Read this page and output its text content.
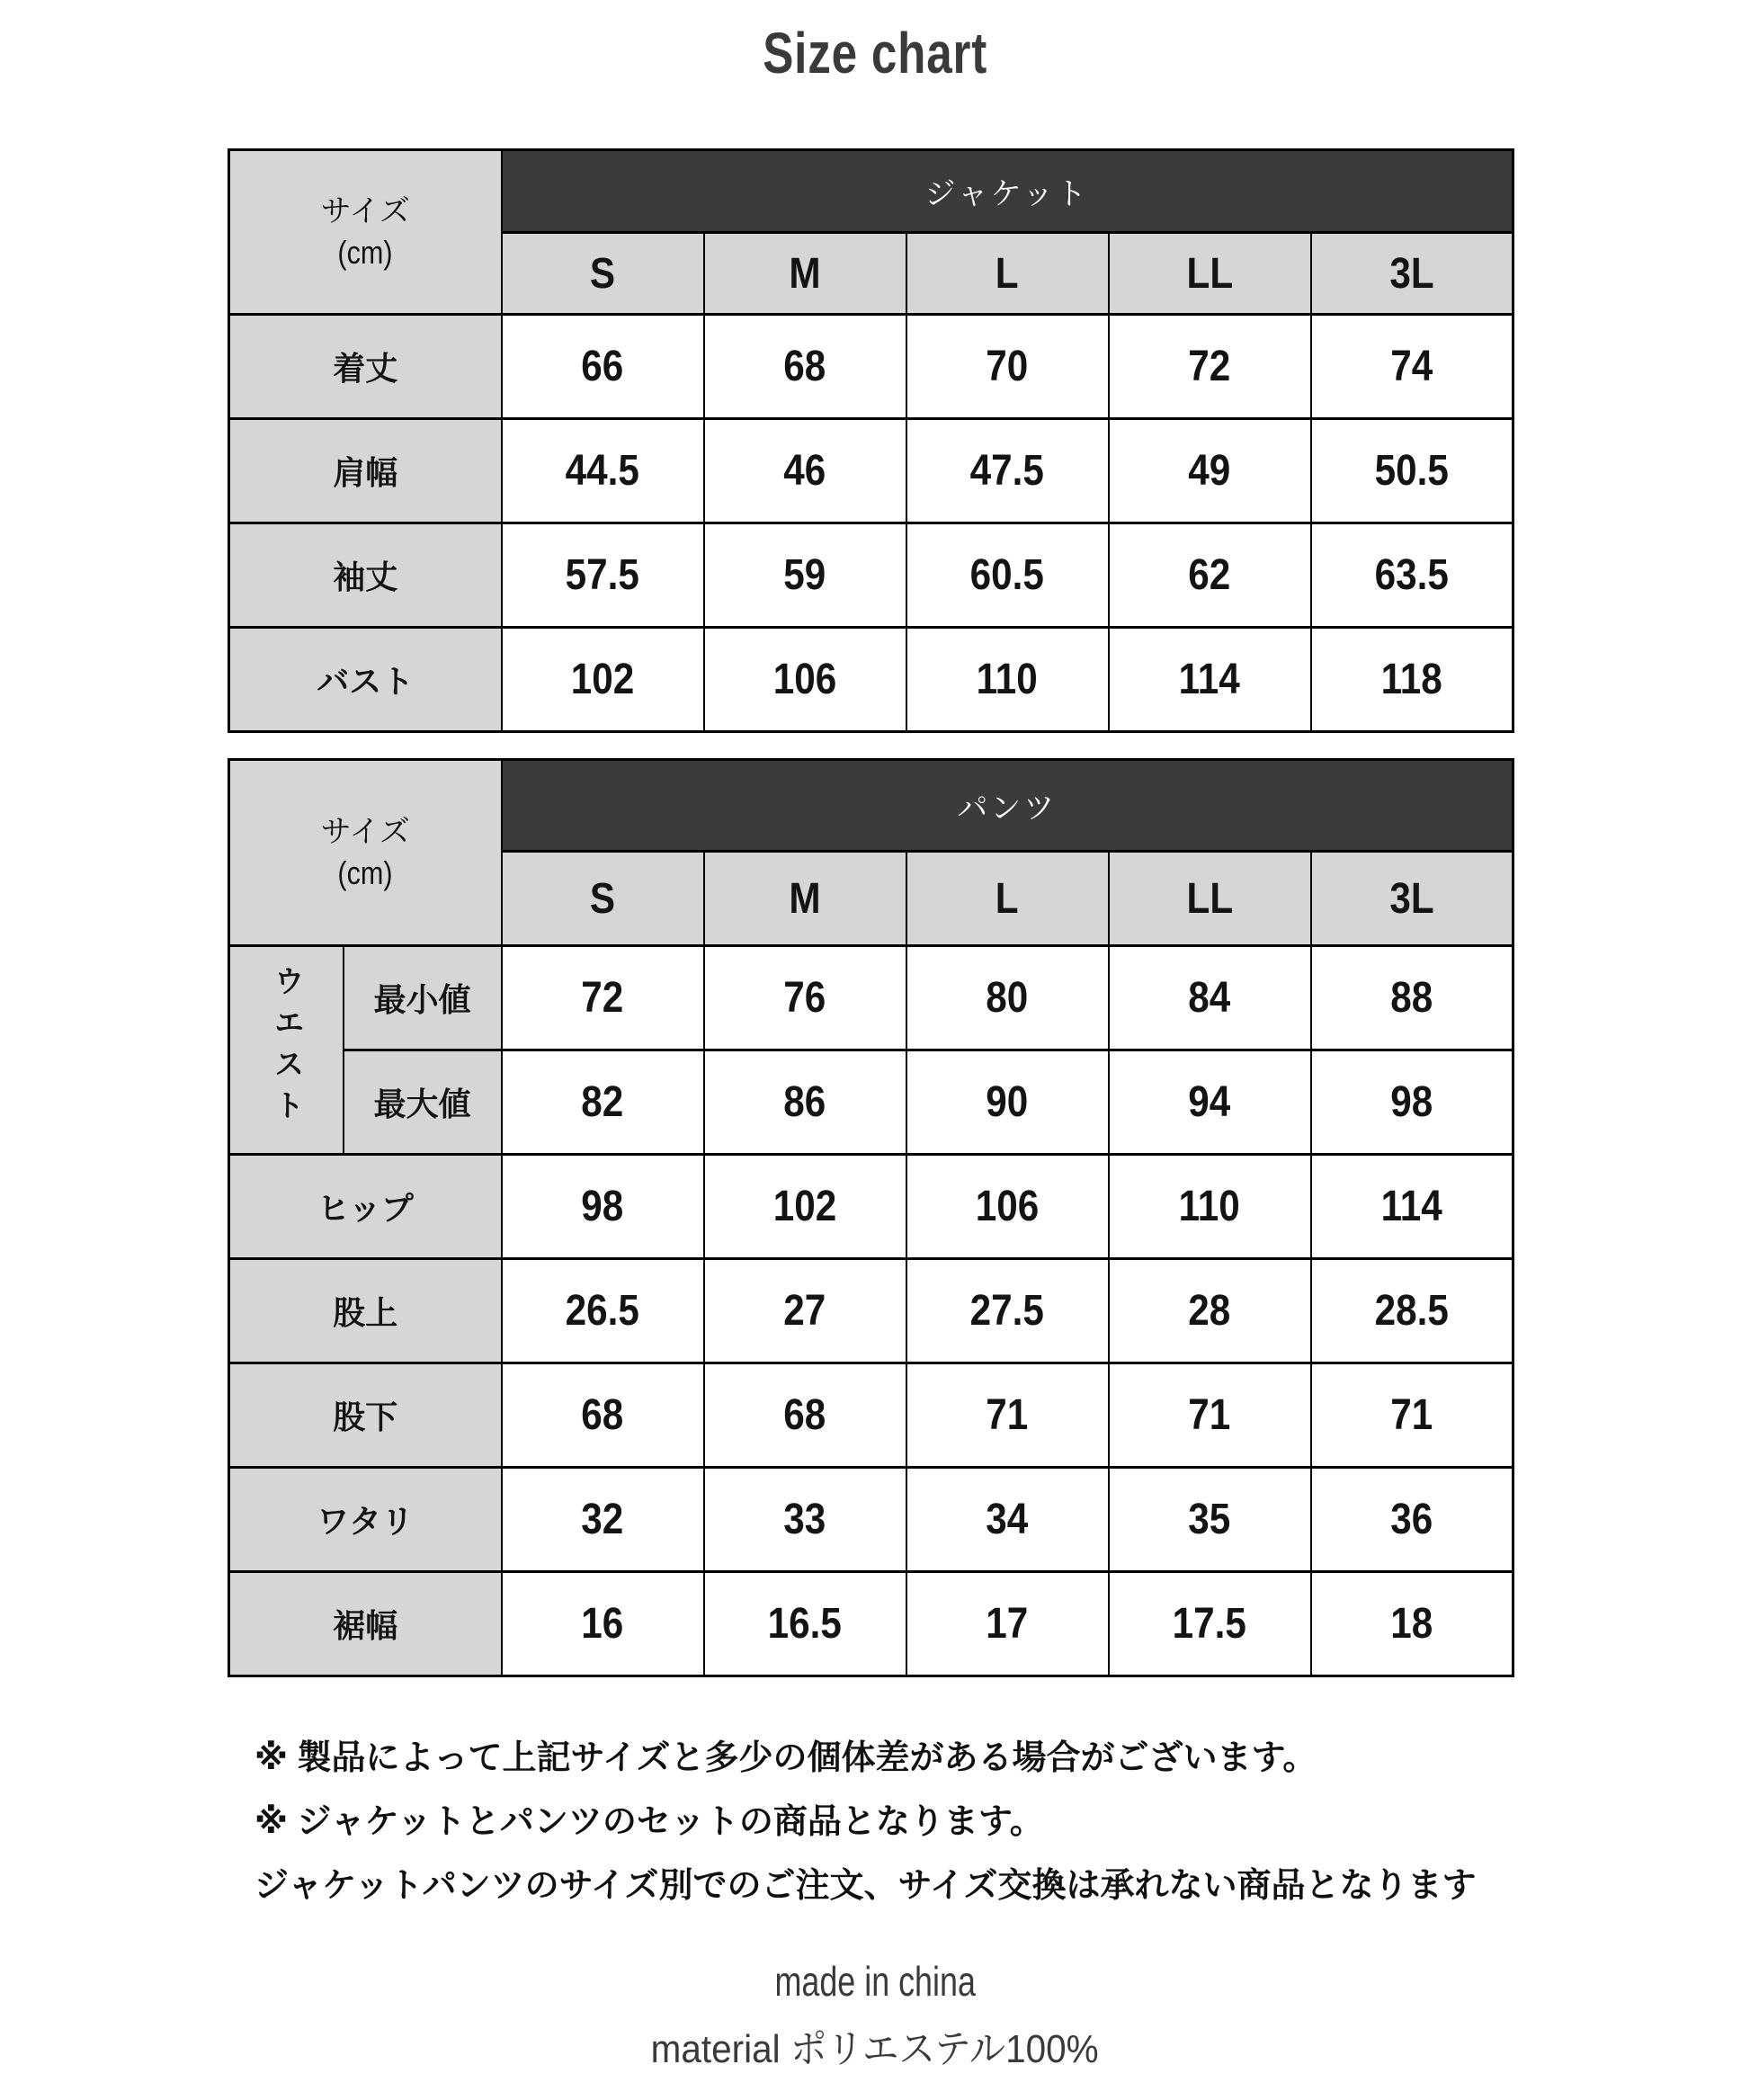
Size chart
サイズ
(cm)	ジャケット				
	S	M	L	LL	3L
着丈	66	68	70	72	74
肩幅	44.5	46	47.5	49	50.5
袖丈	57.5	59	60.5	62	63.5
バスト	102	106	110	114	118
サイズ
(cm)		パンツ				
		S	M	L	LL	3L
ウエスト	最小値	72	76	80	84	88
	最大値	82	86	90	94	98
ヒップ		98	102	106	110	114
股上		26.5	27	27.5	28	28.5
股下		68	68	71	71	71
ワタリ		32	33	34	35	36
裾幅		16	16.5	17	17.5	18
※ 製品によって上記サイズと多少の個体差がある場合がございます。
※ ジャケットとパンツのセットの商品となります。
ジャケットパンツのサイズ別でのご注文、サイズ交換は承れない商品となります
made in china
material ポリエステル100%
